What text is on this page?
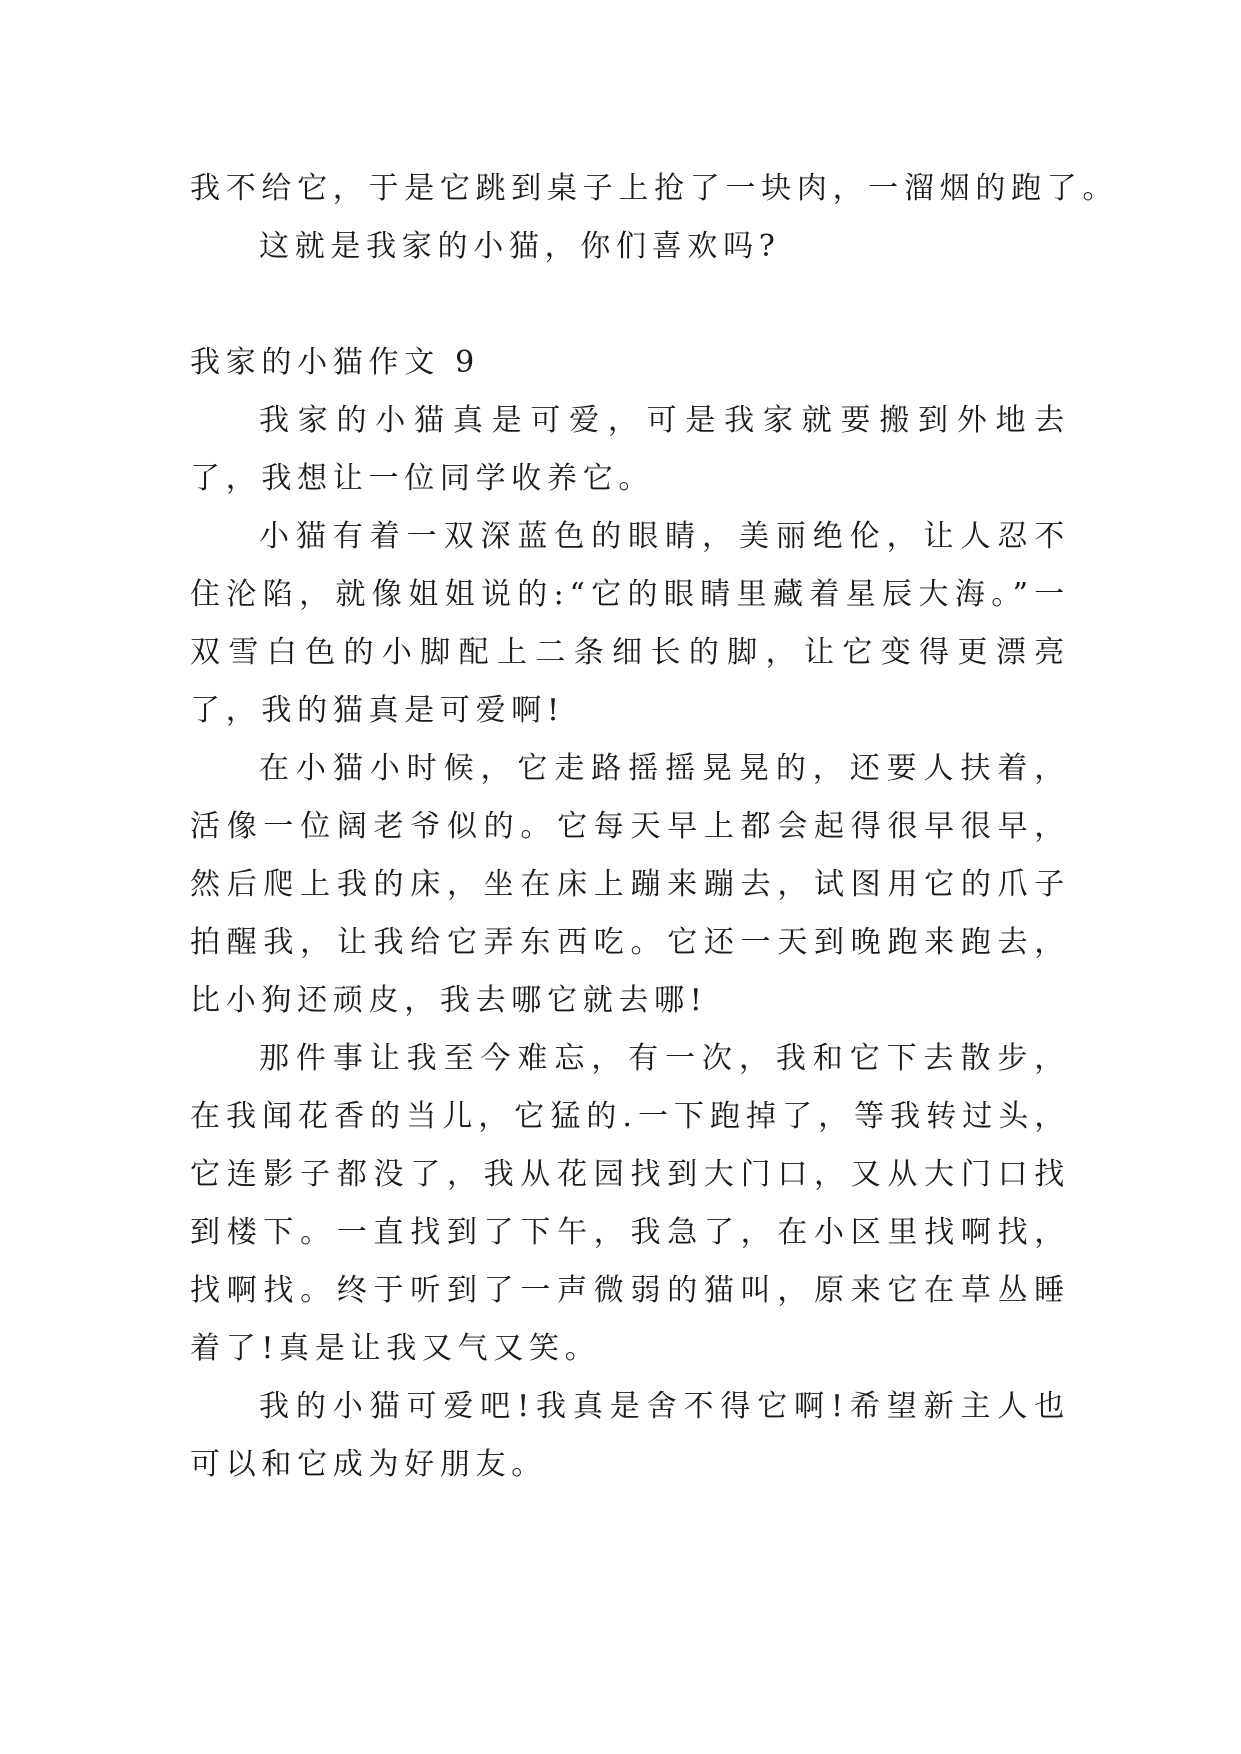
我不给它，于是它跳到桌子上抢了一块肉，一溜烟的跑了。

这就是我家的小猫，你们喜欢吗?

我家的小猫作文 9

我家的小猫真是可爱，可是我家就要搬到外地去了，我想让一位同学收养它。

小猫有着一双深蓝色的眼睛，美丽绝伦，让人忍不住沦陷，就像姐姐说的:“它的眼睛里藏着星辰大海。”一双雪白色的小脚配上二条细长的脚，让它变得更漂亮了，我的猫真是可爱啊!

在小猫小时候，它走路摇摇晃晃的，还要人扶着，活像一位阔老爷似的。它每天早上都会起得很早很早，然后爬上我的床，坐在床上蹦来蹦去，试图用它的爪子拍醒我，让我给它弄东西吃。它还一天到晚跑来跑去，比小狗还顽皮，我去哪它就去哪!

那件事让我至今难忘，有一次，我和它下去散步，在我闻花香的当儿，它猛的.一下跑掉了，等我转过头，它连影子都没了，我从花园找到大门口，又从大门口找到楼下。一直找到了下午，我急了，在小区里找啊找，找啊找。终于听到了一声微弱的猫叫，原来它在草丛睡着了!真是让我又气又笑。

我的小猫可爱吧!我真是舍不得它啊!希望新主人也可以和它成为好朋友。
